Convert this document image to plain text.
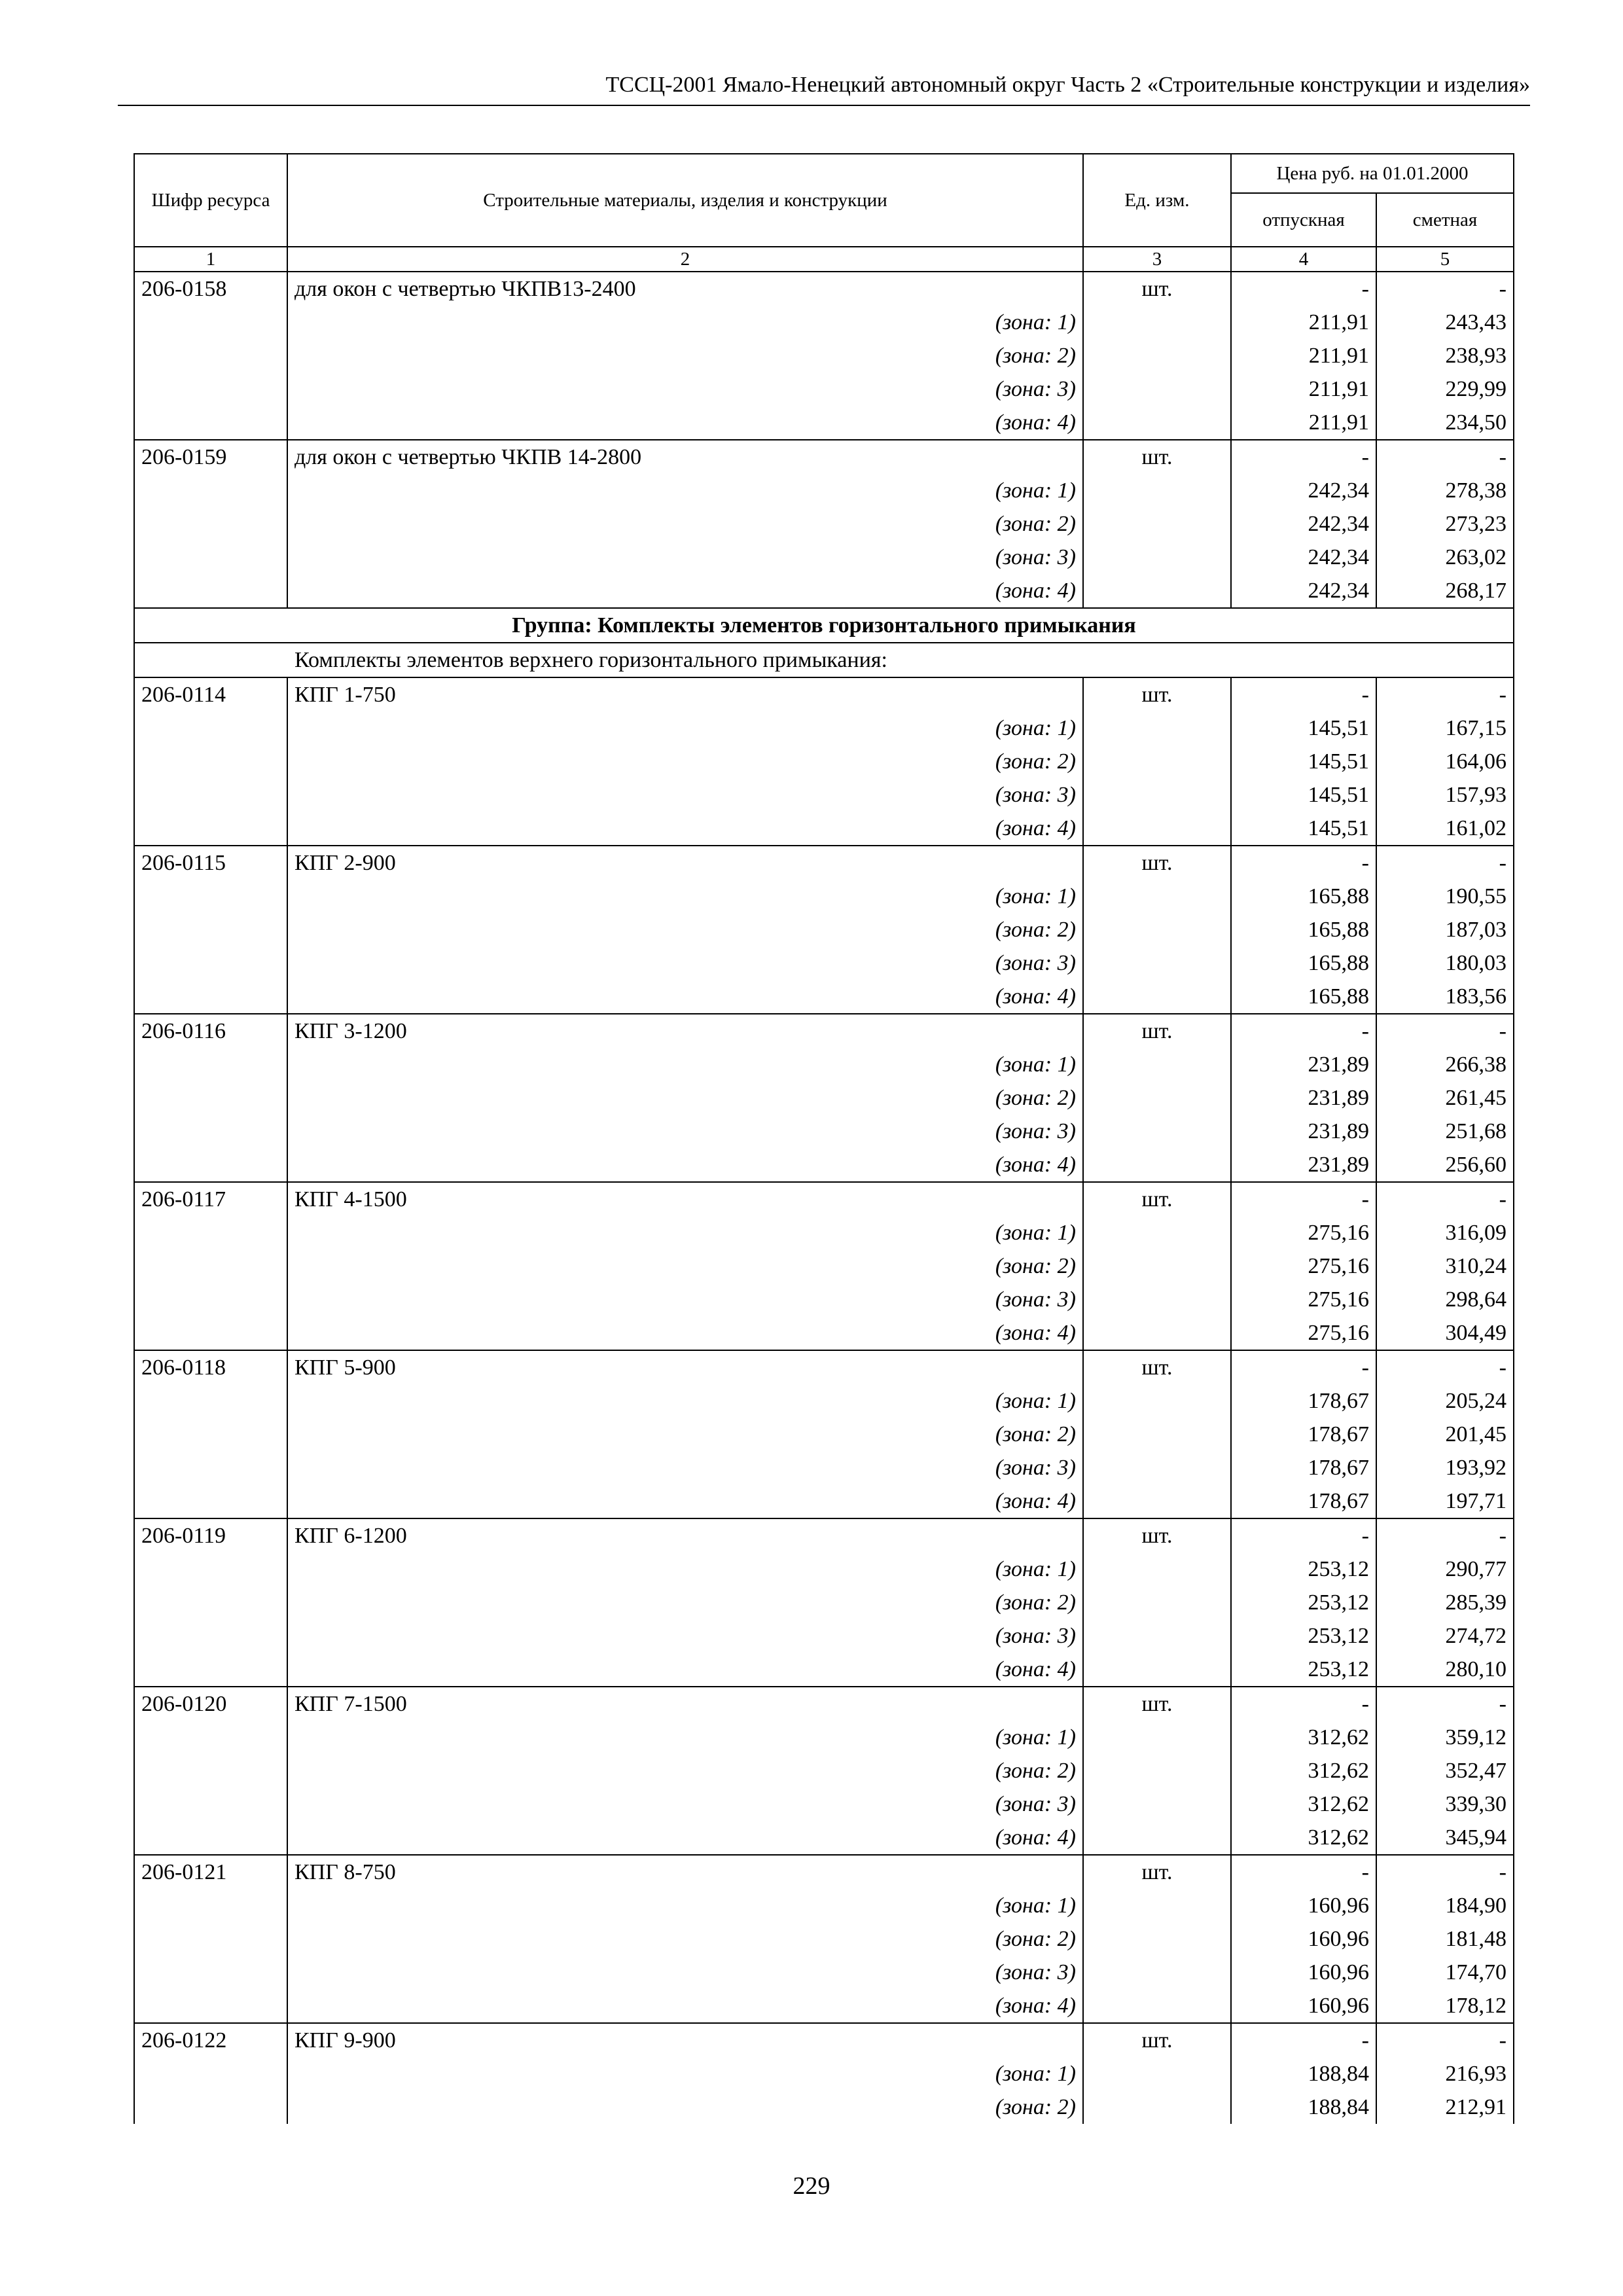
ТССЦ-2001 Ямало-Ненецкий автономный округ Часть 2 «Строительные конструкции и изделия»
Шифр ресурса	Строительные материалы, изделия и конструкции	Ед. изм.	Цена руб. на 01.01.2000	
			отпускная	сметная
1	2	3	4	5
206-0158	для окон с четвертью ЧКПВ13-2400	шт.	-	-
	(зона: 1)		211,91	243,43
	(зона: 2)		211,91	238,93
	(зона: 3)		211,91	229,99
	(зона: 4)		211,91	234,50
206-0159	для окон с четвертью ЧКПВ 14-2800	шт.	-	-
	(зона: 1)		242,34	278,38
	(зона: 2)		242,34	273,23
	(зона: 3)		242,34	263,02
	(зона: 4)		242,34	268,17
Группа: Комплекты элементов горизонтального примыкания				
Комплекты элементов верхнего горизонтального примыкания:				
206-0114	КПГ 1-750	шт.	-	-
	(зона: 1)		145,51	167,15
	(зона: 2)		145,51	164,06
	(зона: 3)		145,51	157,93
	(зона: 4)		145,51	161,02
206-0115	КПГ 2-900	шт.	-	-
	(зона: 1)		165,88	190,55
	(зона: 2)		165,88	187,03
	(зона: 3)		165,88	180,03
	(зона: 4)		165,88	183,56
206-0116	КПГ 3-1200	шт.	-	-
	(зона: 1)		231,89	266,38
	(зона: 2)		231,89	261,45
	(зона: 3)		231,89	251,68
	(зона: 4)		231,89	256,60
206-0117	КПГ 4-1500	шт.	-	-
	(зона: 1)		275,16	316,09
	(зона: 2)		275,16	310,24
	(зона: 3)		275,16	298,64
	(зона: 4)		275,16	304,49
206-0118	КПГ 5-900	шт.	-	-
	(зона: 1)		178,67	205,24
	(зона: 2)		178,67	201,45
	(зона: 3)		178,67	193,92
	(зона: 4)		178,67	197,71
206-0119	КПГ 6-1200	шт.	-	-
	(зона: 1)		253,12	290,77
	(зона: 2)		253,12	285,39
	(зона: 3)		253,12	274,72
	(зона: 4)		253,12	280,10
206-0120	КПГ 7-1500	шт.	-	-
	(зона: 1)		312,62	359,12
	(зона: 2)		312,62	352,47
	(зона: 3)		312,62	339,30
	(зона: 4)		312,62	345,94
206-0121	КПГ 8-750	шт.	-	-
	(зона: 1)		160,96	184,90
	(зона: 2)		160,96	181,48
	(зона: 3)		160,96	174,70
	(зона: 4)		160,96	178,12
206-0122	КПГ 9-900	шт.	-	-
	(зона: 1)		188,84	216,93
	(зона: 2)		188,84	212,91
229
